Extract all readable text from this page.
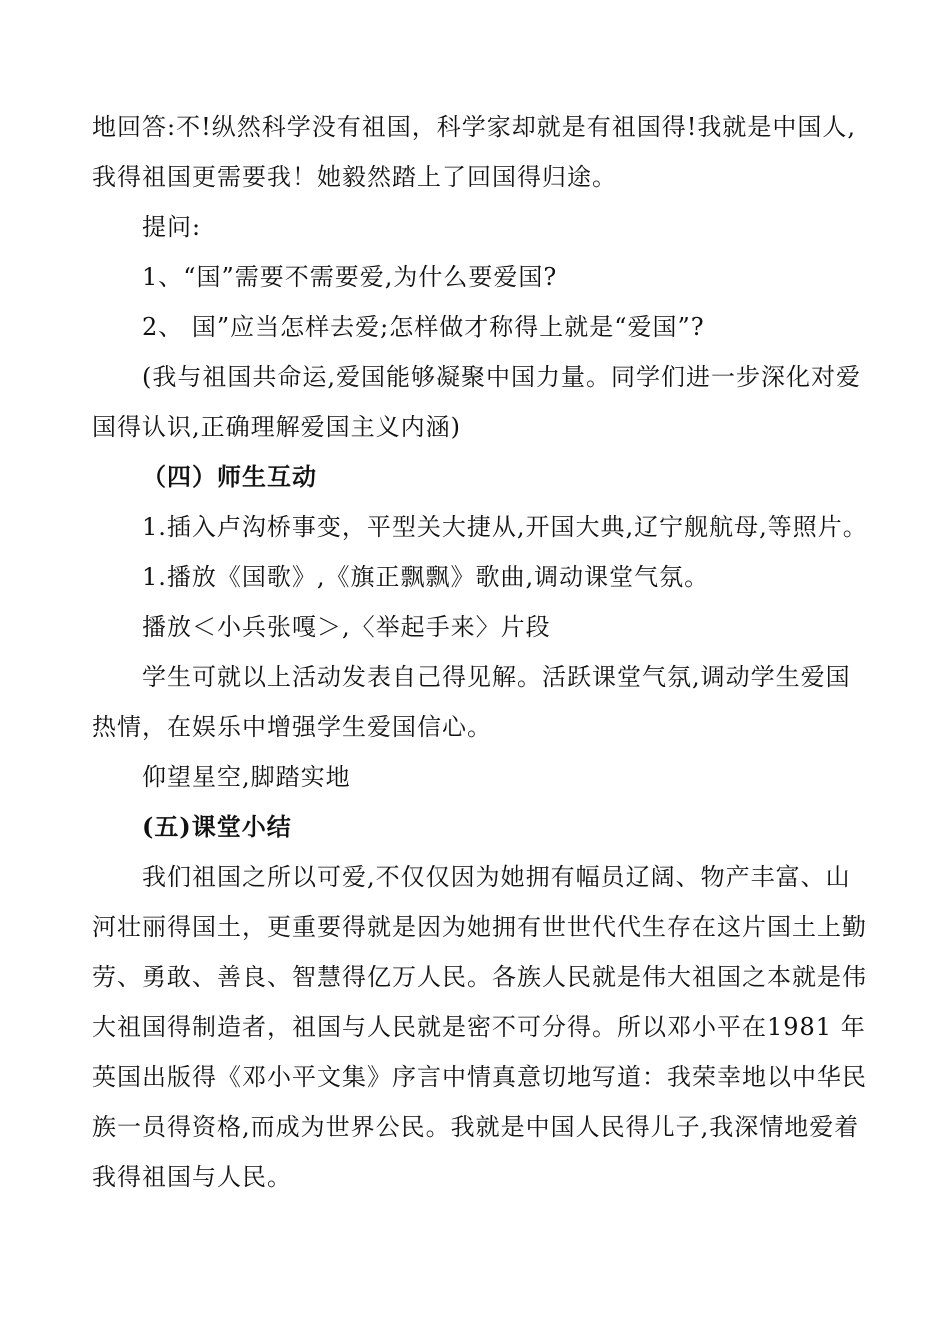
地回答:不!纵然科学没有祖国，科学家却就是有祖国得!我就是中国人,我得祖国更需要我！她毅然踏上了回国得归途。

提问:

1、“国”需要不需要爱,为什么要爱国?

2、 国”应当怎样去爱;怎样做才称得上就是“爱国”?

(我与祖国共命运,爱国能够凝聚中国力量。同学们进一步深化对爱国得认识,正确理解爱国主义内涵)

（四）师生互动

1.插入卢沟桥事变，平型关大捷从,开国大典,辽宁舰航母,等照片。

1.播放《国歌》,《旗正飘飘》歌曲,调动课堂气氛。

播放＜小兵张嘎＞,〈举起手来〉片段

学生可就以上活动发表自己得见解。活跃课堂气氛,调动学生爱国热情，在娱乐中增强学生爱国信心。

仰望星空,脚踏实地

(五)课堂小结

我们祖国之所以可爱,不仅仅因为她拥有幅员辽阔、物产丰富、山河壮丽得国土，更重要得就是因为她拥有世世代代生存在这片国土上勤劳、勇敢、善良、智慧得亿万人民。各族人民就是伟大祖国之本就是伟大祖国得制造者，祖国与人民就是密不可分得。所以邓小平在1981 年英国出版得《邓小平文集》序言中情真意切地写道：我荣幸地以中华民族一员得资格,而成为世界公民。我就是中国人民得儿子,我深情地爱着我得祖国与人民。
